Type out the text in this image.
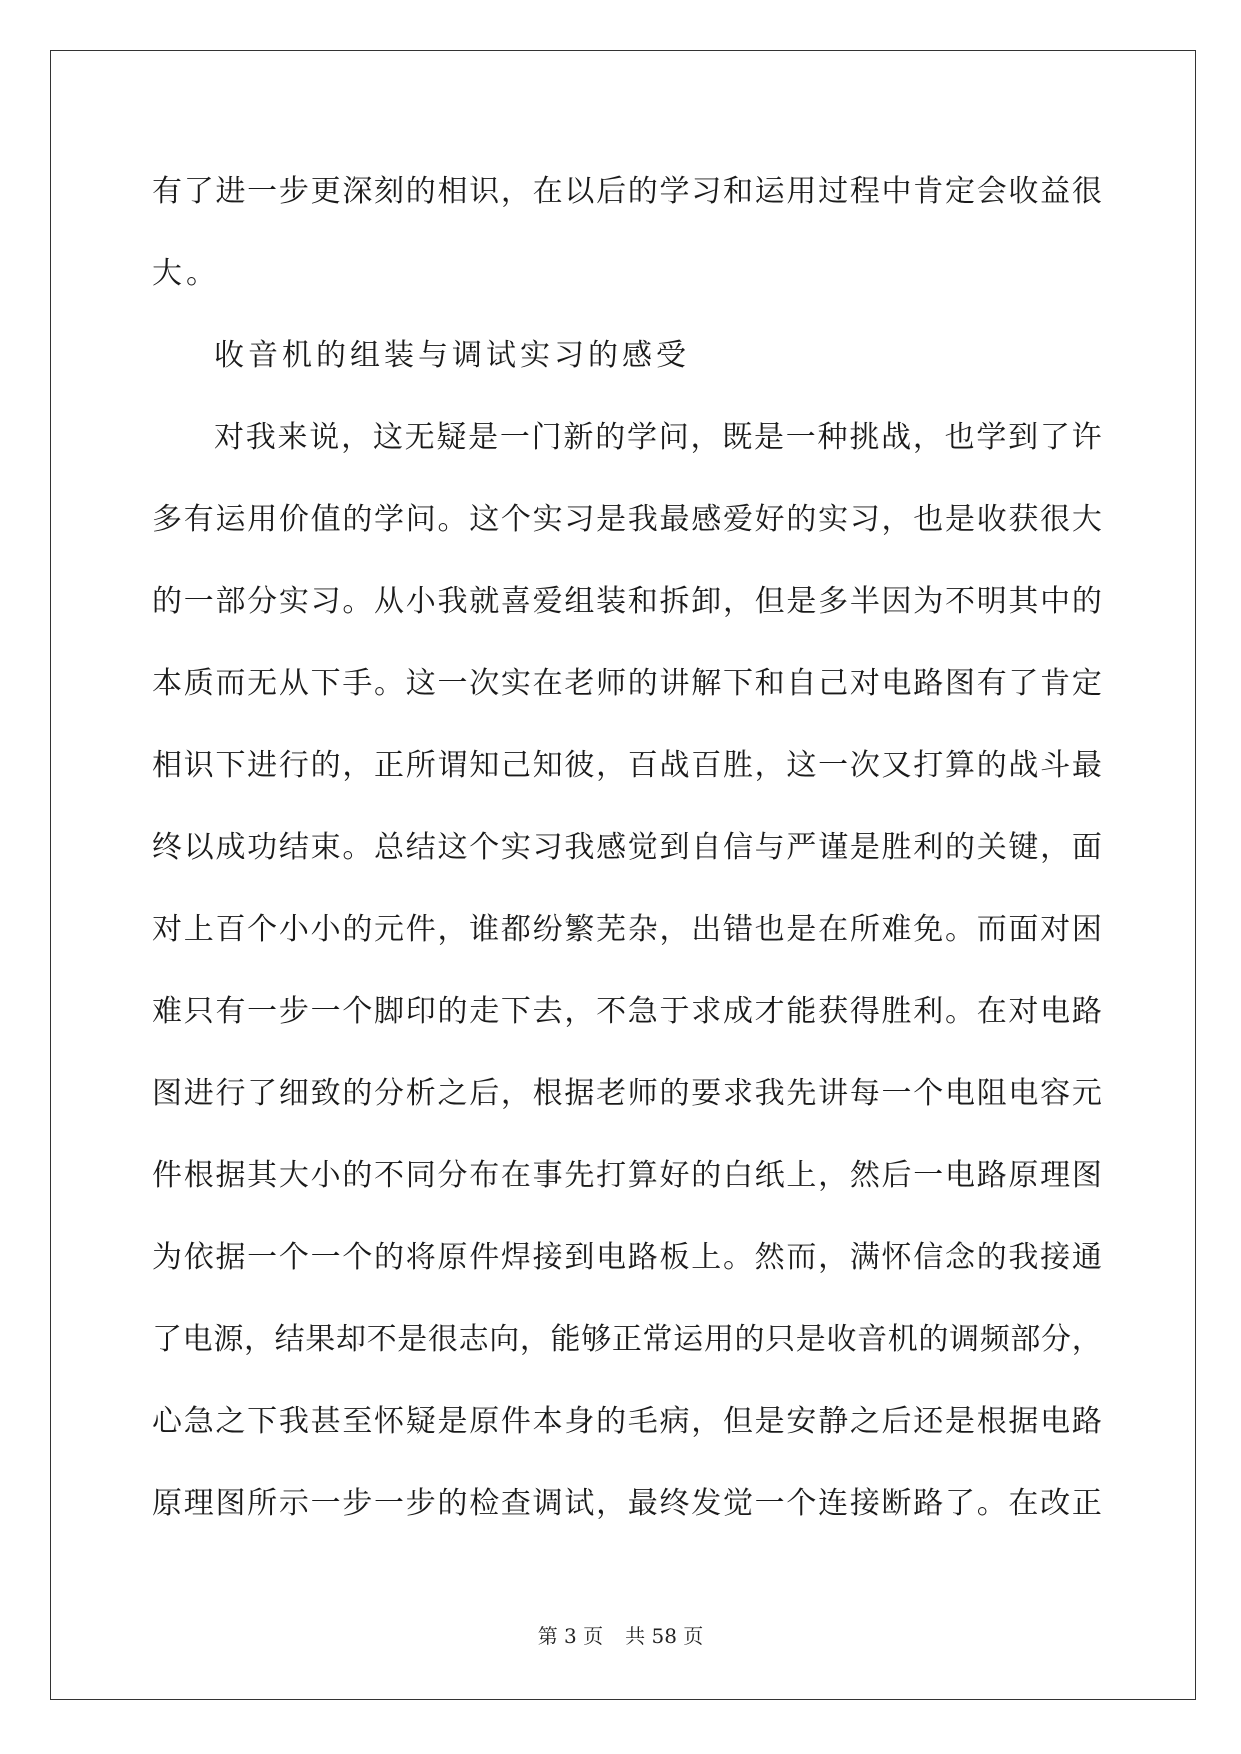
有 了 进 一 步 更 深 刻 的 相 识 ， 在 以 后 的 学 习 和 运 用 过 程 中 肯 定 会 收 益 很
大。
收音机的组装与调试实习的感受
对 我 来 说 ， 这 无 疑 是 一 门 新 的 学 问 ， 既 是 一 种 挑 战 ， 也 学 到 了 许
多 有 运 用 价 值 的 学 问 。 这 个 实 习 是 我 最 感 爱 好 的 实 习 ， 也 是 收 获 很 大
的 一 部 分 实 习 。 从 小 我 就 喜 爱 组 装 和 拆 卸 ， 但 是 多 半 因 为 不 明 其 中 的
本 质 而 无 从 下 手 。 这 一 次 实 在 老 师 的 讲 解 下 和 自 己 对 电 路 图 有 了 肯 定
相 识 下 进 行 的 ， 正 所 谓 知 己 知 彼 ， 百 战 百 胜 ， 这 一 次 又 打 算 的 战 斗 最
终 以 成 功 结 束 。 总 结 这 个 实 习 我 感 觉 到 自 信 与 严 谨 是 胜 利 的 关 键 ， 面
对 上 百 个 小 小 的 元 件 ， 谁 都 纷 繁 芜 杂 ， 出 错 也 是 在 所 难 免 。 而 面 对 困
难 只 有 一 步 一 个 脚 印 的 走 下 去 ， 不 急 于 求 成 才 能 获 得 胜 利 。 在 对 电 路
图 进 行 了 细 致 的 分 析 之 后 ， 根 据 老 师 的 要 求 我 先 讲 每 一 个 电 阻 电 容 元
件 根 据 其 大 小 的 不 同 分 布 在 事 先 打 算 好 的 白 纸 上 ， 然 后 一 电 路 原 理 图
为 依 据 一 个 一 个 的 将 原 件 焊 接 到 电 路 板 上 。 然 而 ， 满 怀 信 念 的 我 接 通
了 电 源 ， 结 果 却 不 是 很 志 向 ， 能 够 正 常 运 用 的 只 是 收 音 机 的 调 频 部 分 ，
心 急 之 下 我 甚 至 怀 疑 是 原 件 本 身 的 毛 病 ， 但 是 安 静 之 后 还 是 根 据 电 路
原 理 图 所 示 一 步 一 步 的 检 查 调 试 ， 最 终 发 觉 一 个 连 接 断 路 了 。 在 改 正
第 3 页 共 58 页
